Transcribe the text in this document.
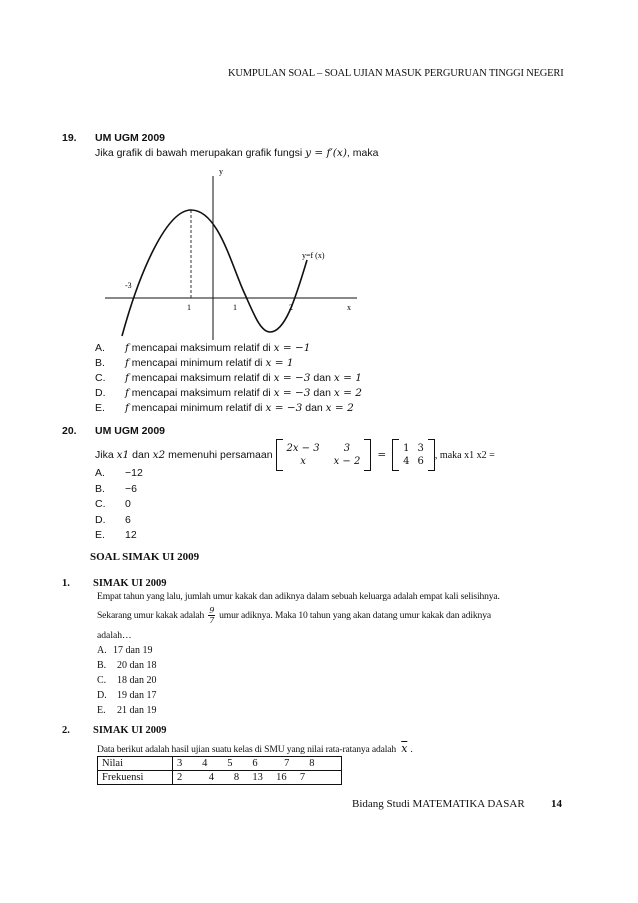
KUMPULAN SOAL – SOAL UJIAN MASUK PERGURUAN TINGGI NEGERI
19. UM UGM 2009
Jika grafik di bawah merupakan grafik fungsi y = f′(x), maka
y
x
y=f (x)
-3
1	1	2
A. f mencapai maksimum relatif di x = −1
B. f mencapai minimum relatif di x = 1
C. f mencapai maksimum relatif di x = −3 dan x = 1
D. f mencapai maksimum relatif di x = −3 dan x = 2
E. f mencapai minimum relatif di x = −3 dan x = 2
20. UM UGM 2009
Jika
x1 dan x2 memenuhi persamaan

2x − 3	3
x	x − 2
=
1 3
4 6
, maka x1 x2 =
A. −12
B. −6
C. 0
D. 6
E. 12
SOAL SIMAK UI 2009
1. SIMAK UI 2009
Empat tahun yang lalu, jumlah umur kakak dan adiknya dalam sebuah keluarga adalah empat kali selisihnya.
Sekarang umur kakak adalah $\frac{9}{7}$ umur adiknya. Maka 10 tahun yang akan datang umur kakak dan adiknya
adalah…
A. 17 dan 19
B. 20 dan 18
C. 18 dan 20
D. 19 dan 17
E. 21 dan 19
2. SIMAK UI 2009
Data berikut adalah hasil ujian suatu kelas di SMU yang nilai rata-ratanya adalah $\overline{x}$ .
Nilai	3   4   5   6    7   8
Frekuensi	2    4   8  13  16  7
Bidang Studi MATEMATIKA DASAR 14
